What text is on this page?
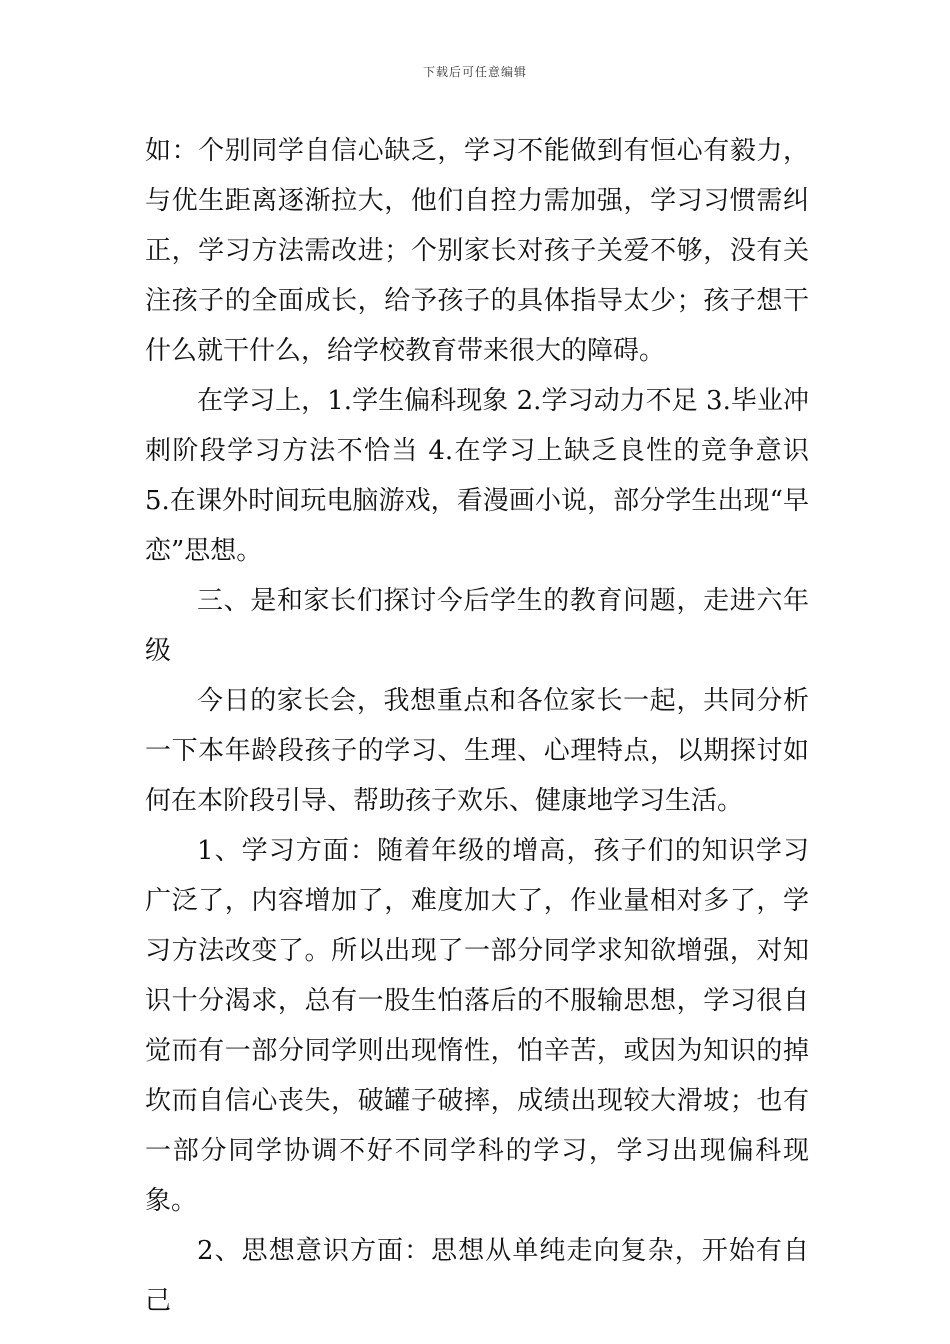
下载后可任意编辑

如：个别同学自信心缺乏，学习不能做到有恒心有毅力，与优生距离逐渐拉大，他们自控力需加强，学习习惯需纠正，学习方法需改进；个别家长对孩子关爱不够，没有关注孩子的全面成长，给予孩子的具体指导太少；孩子想干什么就干什么，给学校教育带来很大的障碍。

在学习上，1.学生偏科现象 2.学习动力不足 3.毕业冲刺阶段学习方法不恰当 4.在学习上缺乏良性的竞争意识 5.在课外时间玩电脑游戏，看漫画小说，部分学生出现“早恋”思想。

三、是和家长们探讨今后学生的教育问题，走进六年级

今日的家长会，我想重点和各位家长一起，共同分析一下本年龄段孩子的学习、生理、心理特点，以期探讨如何在本阶段引导、帮助孩子欢乐、健康地学习生活。

1、学习方面：随着年级的增高，孩子们的知识学习广泛了，内容增加了，难度加大了，作业量相对多了，学习方法改变了。所以出现了一部分同学求知欲增强，对知识十分渴求，总有一股生怕落后的不服输思想，学习很自觉而有一部分同学则出现惰性，怕辛苦，或因为知识的掉坎而自信心丧失，破罐子破摔，成绩出现较大滑坡；也有一部分同学协调不好不同学科的学习，学习出现偏科现象。

2、思想意识方面：思想从单纯走向复杂，开始有自己
